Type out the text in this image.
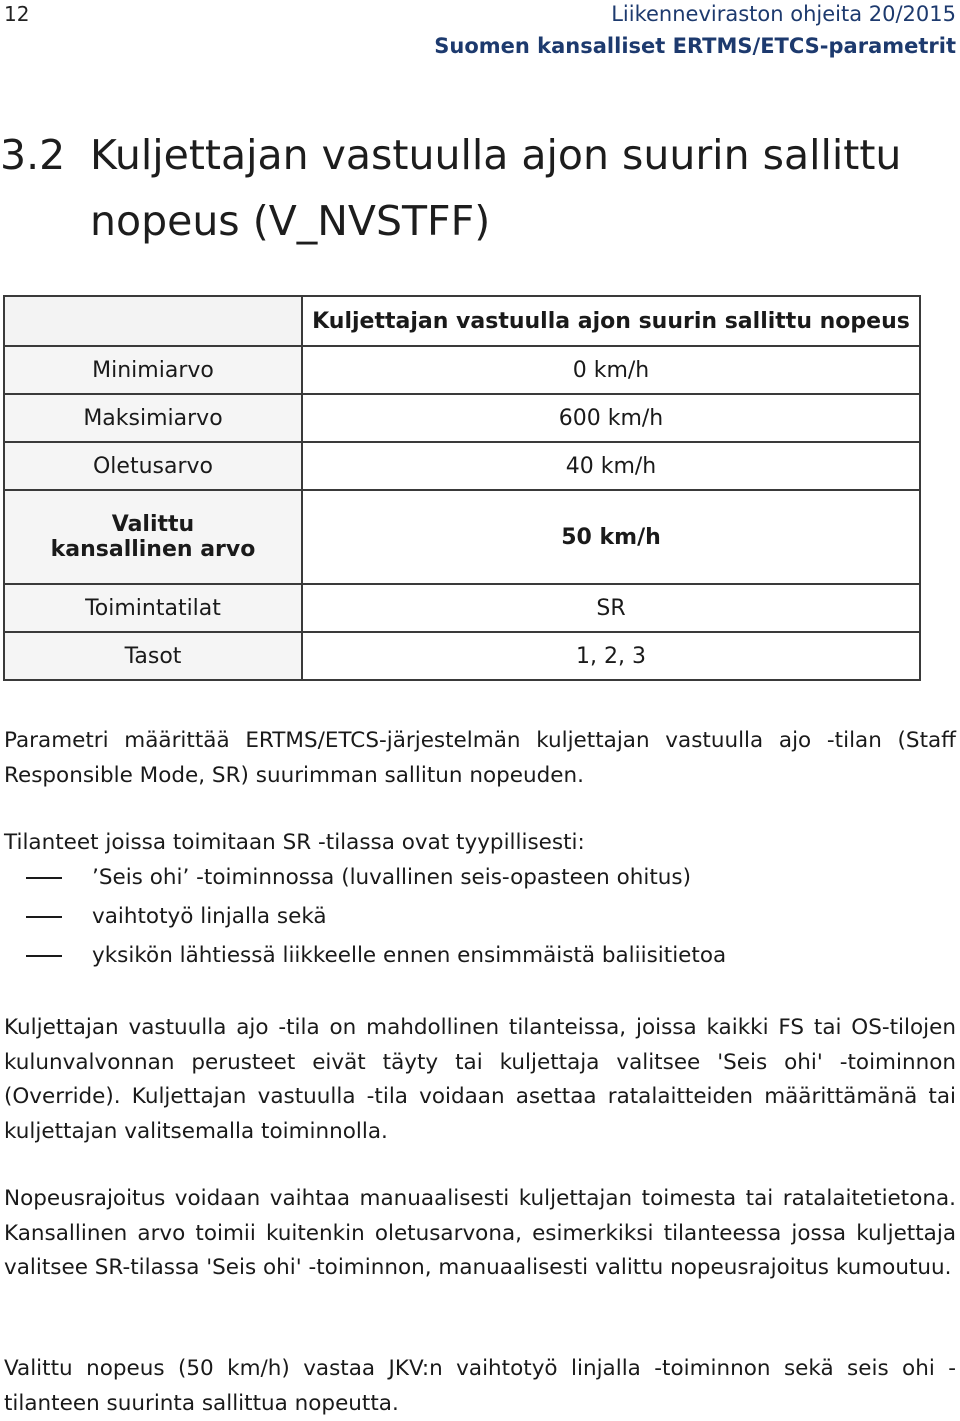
12	Liikenneviraston ohjeita 20/2015
Suomen kansalliset ERTMS/ETCS-parametrit
3.2 Kuljettajan vastuulla ajon suurin sallittu
nopeus (V_NVSTFF)
	Kuljettajan vastuulla ajon suurin sallittu nopeus
Minimiarvo	0 km/h
Maksimiarvo	600 km/h
Oletusarvo	40 km/h

Valittu
kansallinen arvo	50 km/h
Toimintatilat	SR
Tasot	1, 2, 3

Parametri määrittää ERTMS/ETCS-järjestelmän kuljettajan vastuulla ajo -tilan (Staff Responsible Mode, SR) suurimman sallitun nopeuden.

Tilanteet joissa toimitaan SR -tilassa ovat tyypillisesti:

’Seis ohi’ -toiminnossa (luvallinen seis-opasteen ohitus)
vaihtotyö linjalla sekä
yksikön lähtiessä liikkeelle ennen ensimmäistä baliisitietoa

Kuljettajan vastuulla ajo -tila on mahdollinen tilanteissa, joissa kaikki FS tai OS-tilojen kulunvalvonnan perusteet eivät täyty tai kuljettaja valitsee 'Seis ohi' -toiminnon (Override). Kuljettajan vastuulla -tila voidaan asettaa ratalaitteiden määrittämänä tai kuljettajan valitsemalla toiminnolla.

Nopeusrajoitus voidaan vaihtaa manuaalisesti kuljettajan toimesta tai ratalaitetietona. Kansallinen arvo toimii kuitenkin oletusarvona, esimerkiksi tilanteessa jossa kuljettaja valitsee SR-tilassa 'Seis ohi' -toiminnon, manuaalisesti valittu nopeusrajoitus kumoutuu.

Valittu nopeus (50 km/h) vastaa JKV:n vaihtotyö linjalla -toiminnon sekä seis ohi -tilanteen suurinta sallittua nopeutta.
